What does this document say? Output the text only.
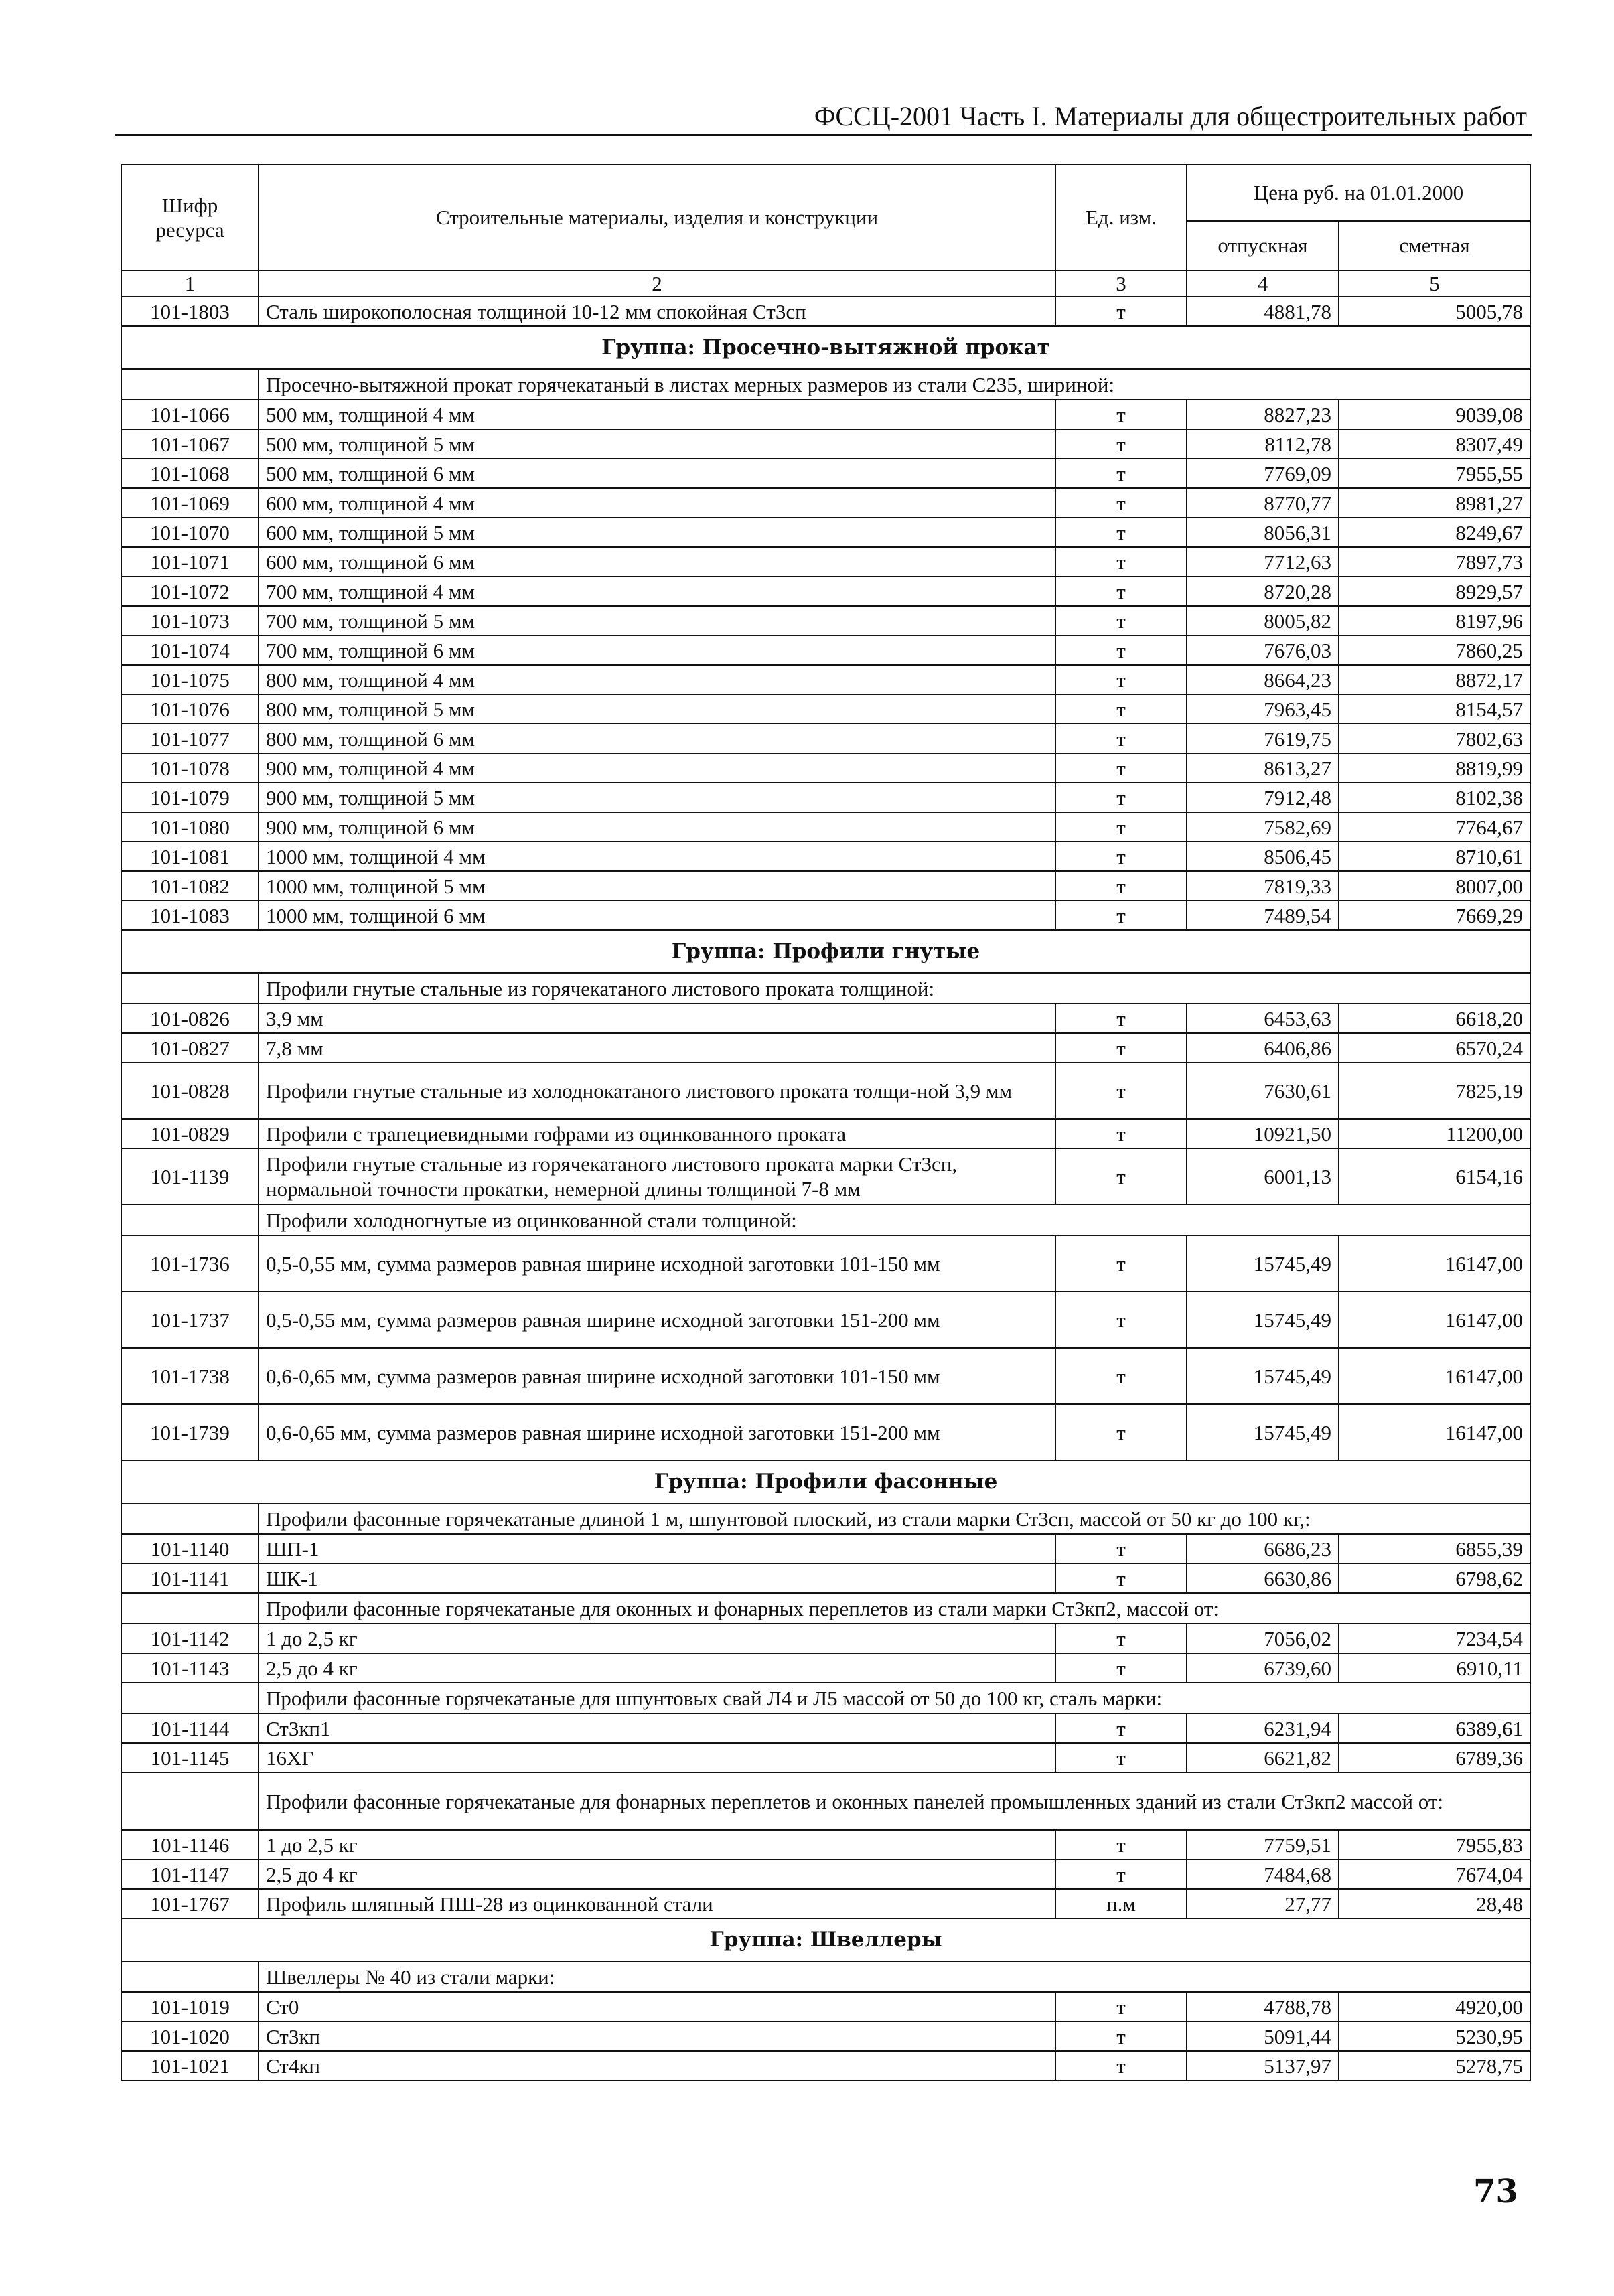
ФССЦ-2001 Часть I. Материалы для общестроительных работ
Шифр ресурса	Строительные материалы, изделия и конструкции	Ед. изм.	Цена руб. на 01.01.2000	
			отпускная	сметная
1	2	3	4	5
101-1803	Сталь широкополосная толщиной 10-12 мм спокойная Ст3сп	т	4881,78	5005,78
Группа: Просечно-вытяжной прокат				
	Просечно-вытяжной прокат горячекатаный в листах мерных размеров из стали С235, шириной:			
101-1066	500 мм, толщиной 4 мм	т	8827,23	9039,08
101-1067	500 мм, толщиной 5 мм	т	8112,78	8307,49
101-1068	500 мм, толщиной 6 мм	т	7769,09	7955,55
101-1069	600 мм, толщиной 4 мм	т	8770,77	8981,27
101-1070	600 мм, толщиной 5 мм	т	8056,31	8249,67
101-1071	600 мм, толщиной 6 мм	т	7712,63	7897,73
101-1072	700 мм, толщиной 4 мм	т	8720,28	8929,57
101-1073	700 мм, толщиной 5 мм	т	8005,82	8197,96
101-1074	700 мм, толщиной 6 мм	т	7676,03	7860,25
101-1075	800 мм, толщиной 4 мм	т	8664,23	8872,17
101-1076	800 мм, толщиной 5 мм	т	7963,45	8154,57
101-1077	800 мм, толщиной 6 мм	т	7619,75	7802,63
101-1078	900 мм, толщиной 4 мм	т	8613,27	8819,99
101-1079	900 мм, толщиной 5 мм	т	7912,48	8102,38
101-1080	900 мм, толщиной 6 мм	т	7582,69	7764,67
101-1081	1000 мм, толщиной 4 мм	т	8506,45	8710,61
101-1082	1000 мм, толщиной 5 мм	т	7819,33	8007,00
101-1083	1000 мм, толщиной 6 мм	т	7489,54	7669,29
Группа: Профили гнутые				
	Профили гнутые стальные из горячекатаного листового проката толщиной:			
101-0826	3,9 мм	т	6453,63	6618,20
101-0827	7,8 мм	т	6406,86	6570,24
101-0828	Профили гнутые стальные из холоднокатаного листового проката толщи-ной 3,9 мм	т	7630,61	7825,19
101-0829	Профили с трапециевидными гофрами из оцинкованного проката	т	10921,50	11200,00
101-1139	Профили гнутые стальные из горячекатаного листового проката марки Ст3сп, нормальной точности прокатки, немерной длины толщиной 7-8 мм	т	6001,13	6154,16
	Профили холодногнутые из оцинкованной стали толщиной:			
101-1736	0,5-0,55 мм, сумма размеров равная ширине исходной заготовки 101-150 мм	т	15745,49	16147,00
101-1737	0,5-0,55 мм, сумма размеров равная ширине исходной заготовки 151-200 мм	т	15745,49	16147,00
101-1738	0,6-0,65 мм, сумма размеров равная ширине исходной заготовки 101-150 мм	т	15745,49	16147,00
101-1739	0,6-0,65 мм, сумма размеров равная ширине исходной заготовки 151-200 мм	т	15745,49	16147,00
Группа: Профили фасонные				
	Профили фасонные горячекатаные длиной 1 м, шпунтовой плоский, из стали марки Ст3сп, массой от 50 кг до 100 кг,:			
101-1140	ШП-1	т	6686,23	6855,39
101-1141	ШК-1	т	6630,86	6798,62
	Профили фасонные горячекатаные для оконных и фонарных переплетов из стали марки Ст3кп2, массой от:			
101-1142	1 до 2,5 кг	т	7056,02	7234,54
101-1143	2,5 до 4 кг	т	6739,60	6910,11
	Профили фасонные горячекатаные для шпунтовых свай Л4 и Л5 массой от 50 до 100 кг, сталь марки:			
101-1144	Ст3кп1	т	6231,94	6389,61
101-1145	16ХГ	т	6621,82	6789,36
	Профили фасонные горячекатаные для фонарных переплетов и оконных панелей промышленных зданий из стали Ст3кп2 массой от:			
101-1146	1 до 2,5 кг	т	7759,51	7955,83
101-1147	2,5 до 4 кг	т	7484,68	7674,04
101-1767	Профиль шляпный ПШ-28 из оцинкованной стали	п.м	27,77	28,48
Группа: Швеллеры				
	Швеллеры № 40 из стали марки:			
101-1019	Ст0	т	4788,78	4920,00
101-1020	Ст3кп	т	5091,44	5230,95
101-1021	Ст4кп	т	5137,97	5278,75
73
